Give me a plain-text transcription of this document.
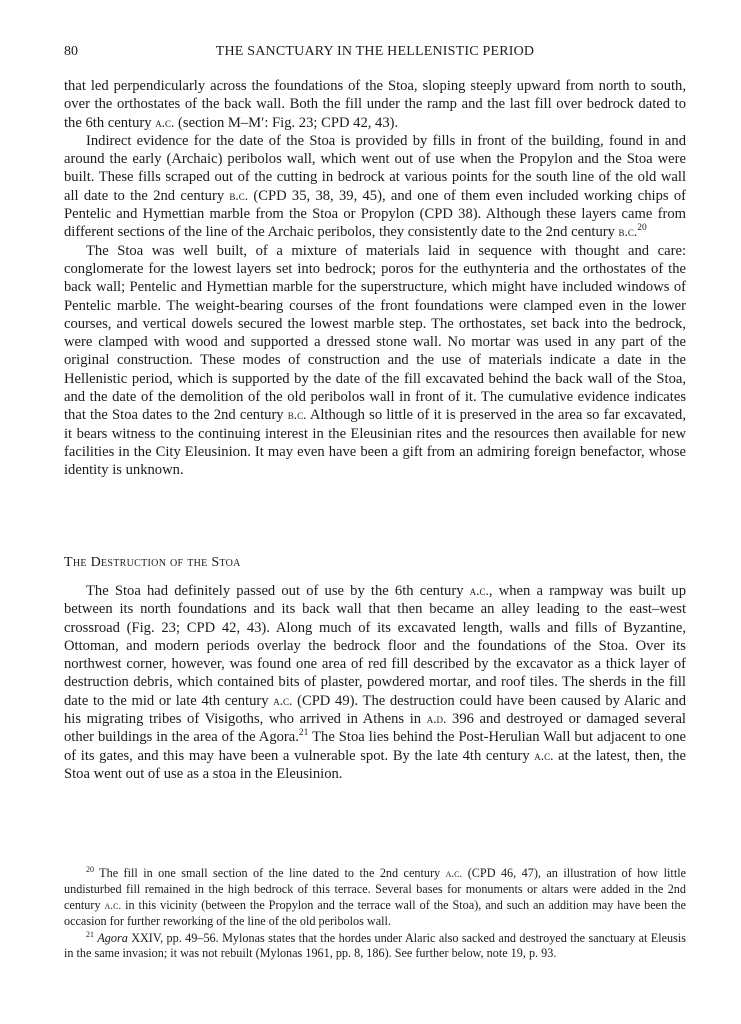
80	THE SANCTUARY IN THE HELLENISTIC PERIOD

that led perpendicularly across the foundations of the Stoa, sloping steeply upward from north to south, over the orthostates of the back wall. Both the fill under the ramp and the last fill over bedrock dated to the 6th century a.c. (section M–M′: Fig. 23; CPD 42, 43).

Indirect evidence for the date of the Stoa is provided by fills in front of the building, found in and around the early (Archaic) peribolos wall, which went out of use when the Propylon and the Stoa were built. These fills scraped out of the cutting in bedrock at various points for the south line of the old wall all date to the 2nd century b.c. (CPD 35, 38, 39, 45), and one of them even included working chips of Pentelic and Hymettian marble from the Stoa or Propylon (CPD 38). Although these layers came from different sections of the line of the Archaic peribolos, they consistently date to the 2nd century b.c.$^{20}$

The Stoa was well built, of a mixture of materials laid in sequence with thought and care: conglomerate for the lowest layers set into bedrock; poros for the euthynteria and the orthostates of the back wall; Pentelic and Hymettian marble for the superstructure, which might have included windows of Pentelic marble. The weight-bearing courses of the front foundations were clamped even in the lower courses, and vertical dowels secured the lowest marble step. The orthostates, set back into the bedrock, were clamped with wood and supported a dressed stone wall. No mortar was used in any part of the original construction. These modes of construction and the use of materials indicate a date in the Hellenistic period, which is supported by the date of the fill excavated behind the back wall of the Stoa, and the date of the demolition of the old peribolos wall in front of it. The cumulative evidence indicates that the Stoa dates to the 2nd century b.c. Although so little of it is preserved in the area so far excavated, it bears witness to the continuing interest in the Eleusinian rites and the resources then available for new facilities in the City Eleusinion. It may even have been a gift from an admiring foreign benefactor, whose identity is unknown.

The Destruction of the Stoa

The Stoa had definitely passed out of use by the 6th century a.c., when a rampway was built up between its north foundations and its back wall that then became an alley leading to the east–west crossroad (Fig. 23; CPD 42, 43). Along much of its excavated length, walls and fills of Byzantine, Ottoman, and modern periods overlay the bedrock floor and the foundations of the Stoa. Over its northwest corner, however, was found one area of red fill described by the excavator as a thick layer of destruction debris, which contained bits of plaster, powdered mortar, and roof tiles. The sherds in the fill date to the mid or late 4th century a.c. (CPD 49). The destruction could have been caused by Alaric and his migrating tribes of Visigoths, who arrived in Athens in a.d. 396 and destroyed or damaged several other buildings in the area of the Agora.$^{21}$ The Stoa lies behind the Post-Herulian Wall but adjacent to one of its gates, and this may have been a vulnerable spot. By the late 4th century a.c. at the latest, then, the Stoa went out of use as a stoa in the Eleusinion.

$^{20}$ The fill in one small section of the line dated to the 2nd century a.c. (CPD 46, 47), an illustration of how little undisturbed fill remained in the high bedrock of this terrace. Several bases for monuments or altars were added in the 2nd century a.c. in this vicinity (between the Propylon and the terrace wall of the Stoa), and such an addition may have been the occasion for further reworking of the line of the old peribolos wall.

$^{21}$ Agora XXIV, pp. 49–56. Mylonas states that the hordes under Alaric also sacked and destroyed the sanctuary at Eleusis in the same invasion; it was not rebuilt (Mylonas 1961, pp. 8, 186). See further below, note 19, p. 93.
